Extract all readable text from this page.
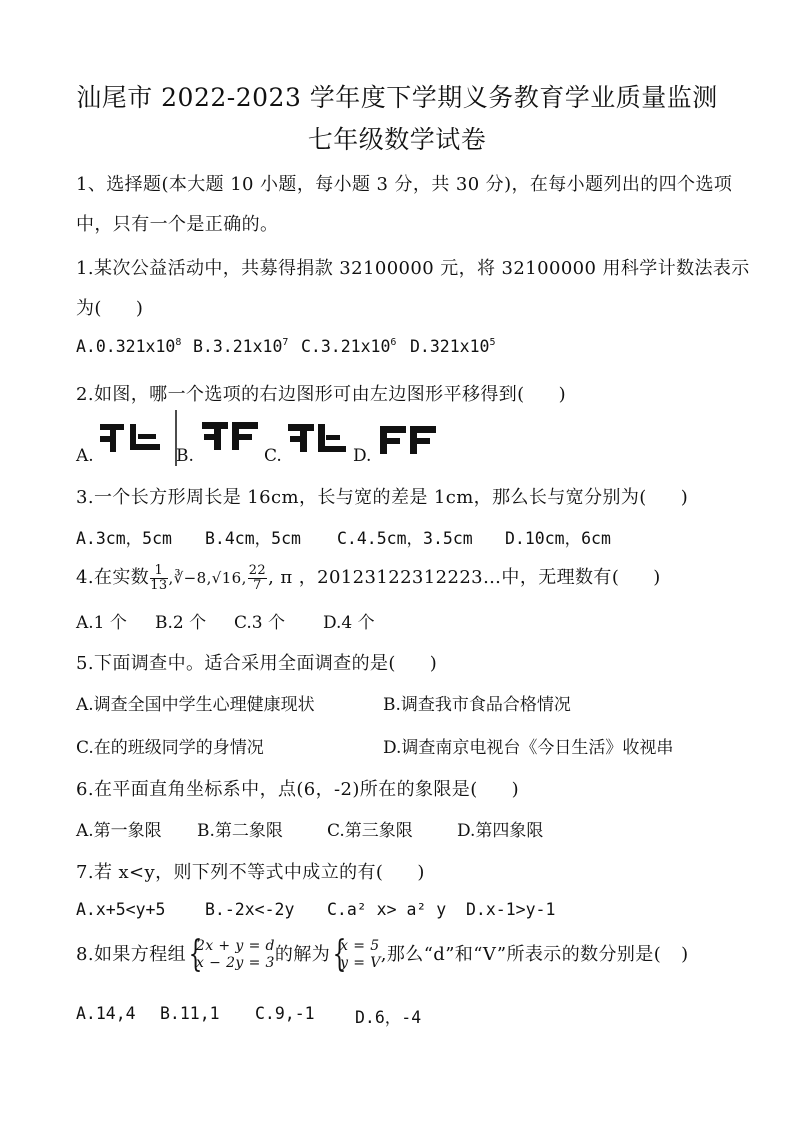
汕尾市 2022-2023 学年度下学期义务教育学业质量监测
七年级数学试卷
1、选择题(本大题 10 小题，每小题 3 分，共 30 分)，在每小题列出的四个选项
中，只有一个是正确的。
1.某次公益活动中，共募得捐款 32100000 元，将 32100000 用科学计数法表示
为( )
$A.0.321x10^8$ $B.3.21x10^7$ $C.3.21x10^6$ $D.321x10^5$
2.如图，哪一个选项的右边图形可由左边图形平移得到( )
A.	B.	C.	D.
3.一个长方形周长是 16cm，长与宽的差是 1cm，那么长与宽分别为( )
A.3cm，5cm B.4cm，5cm C.4.5cm，3.5cm D.10cm，6cm
4.在实数 $\frac{1}{13}$ ,∛−8,√16, $\frac{22}{7}$ , π ，20123122312223…中，无理数有( )
A.1 个 B.2 个 C.3 个 D.4 个
5.下面调查中。适合采用全面调查的是( )
A.调查全国中学生心理健康现状	B.调查我市食品合格情况
C.在的班级同学的身情况	D.调查南京电视台《今日生活》收视串
6.在平面直角坐标系中，点(6，-2)所在的象限是( )
A.第一象限 B.第二象限	C.第三象限	D.第四象限
7.若 x<y，则下列不等式中成立的有( )
A.x+5<y+5 B.-2x<-2y C.a² x> a² y D.x-1>y-1
8.如果方程组 { 2x + y = d
x − 2y = 3 的解为 { x = 5
y = V ,那么“d”和“V”所表示的数分别是( )
A.14,4 B.11,1 C.9,-1 D.6，-4
